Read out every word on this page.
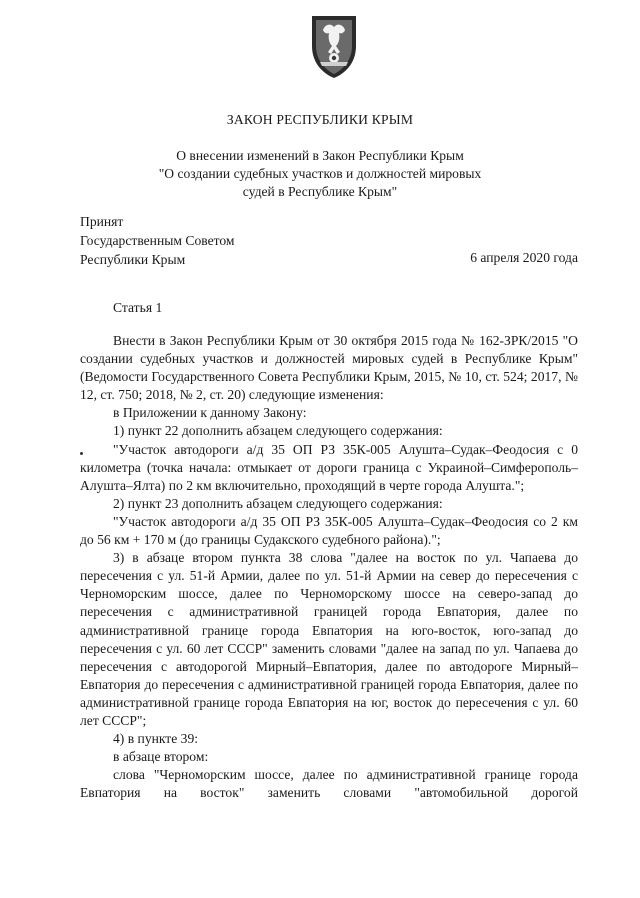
ЗАКОН РЕСПУБЛИКИ КРЫМ
О внесении изменений в Закон Республики Крым
"О создании судебных участков и должностей мировых
судей в Республике Крым"
Принят
Государственным Советом
Республики Крым	6 апреля 2020 года
Статья 1

Внести в Закон Республики Крым от 30 октября 2015 года № 162-ЗРК/2015 "О создании судебных участков и должностей мировых судей в Республике Крым" (Ведомости Государственного Совета Республики Крым, 2015, № 10, ст. 524; 2017, № 12, ст. 750; 2018, № 2, ст. 20) следующие изменения:

в Приложении к данному Закону:

1) пункт 22 дополнить абзацем следующего содержания:

"Участок автодороги а/д 35 ОП РЗ 35К-005 Алушта–Судак–Феодосия с 0 километра (точка начала: отмыкает от дороги граница с Украиной–Симферополь–Алушта–Ялта) по 2 км включительно, проходящий в черте города Алушта.";

2) пункт 23 дополнить абзацем следующего содержания:

"Участок автодороги а/д 35 ОП РЗ 35К-005 Алушта–Судак–Феодосия со 2 км до 56 км + 170 м (до границы Судакского судебного района).";

3) в абзаце втором пункта 38 слова "далее на восток по ул. Чапаева до пересечения с ул. 51-й Армии, далее по ул. 51-й Армии на север до пересечения с Черноморским шоссе, далее по Черноморскому шоссе на северо-запад до пересечения с административной границей города Евпатория, далее по административной границе города Евпатория на юго-восток, юго-запад до пересечения с ул. 60 лет СССР" заменить словами "далее на запад по ул. Чапаева до пересечения с автодорогой Мирный–Евпатория, далее по автодороге Мирный–Евпатория до пересечения с административной границей города Евпатория, далее по административной границе города Евпатория на юг, восток до пересечения с ул. 60 лет СССР";

4) в пункте 39:

в абзаце втором:

слова "Черноморским шоссе, далее по административной границе города Евпатория на восток" заменить словами "автомобильной дорогой
